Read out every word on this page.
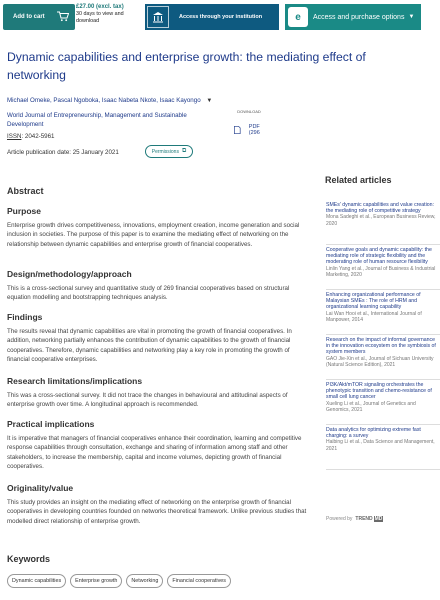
Add to cart
£27.00 (excl. tax)
30 days to view and download
Access through your institution	e	Access and purchase options ▼
Dynamic capabilities and enterprise growth: the mediating effect of networking
Michael Omeke, Pascal Ngoboka, Isaac Nabeta Nkote, Isaac Kayongo ▼
World Journal of Entrepreneurship, Management and Sustainable Development
ISSN: 2042-5961
DOWNLOAD
PDF (296
Article publication date: 25 January 2021	Permissions ⧉
Abstract
Purpose

Enterprise growth drives competitiveness, innovations, employment creation, income generation and social inclusion in societies. The purpose of this paper is to examine the mediating effect of networking on the relationship between dynamic capabilities and enterprise growth of financial cooperatives.

Design/methodology/approach

This is a cross-sectional survey and quantitative study of 269 financial cooperatives based on structural equation modelling and bootstrapping techniques analysis.

Findings

The results reveal that dynamic capabilities are vital in promoting the growth of financial cooperatives. In addition, networking partially enhances the contribution of dynamic capabilities to the growth of financial cooperatives. Therefore, dynamic capabilities and networking play a key role in promoting the growth of financial cooperative enterprises.

Research limitations/implications

This was a cross-sectional survey. It did not trace the changes in behavioural and attitudinal aspects of enterprise growth over time. A longitudinal approach is recommended.

Practical implications

It is imperative that managers of financial cooperatives enhance their coordination, learning and competitive response capabilities through consultation, exchange and sharing of information among staff and other stakeholders, to increase the membership, capital and income volumes, depicting growth of financial cooperatives.

Originality/value

This study provides an insight on the mediating effect of networking on the enterprise growth of financial cooperatives in developing countries founded on networks theoretical framework. Unlike previous studies that modelled direct relationship of enterprise growth.

Keywords
Dynamic capabilities	Enterprise growth	Networking	Financial cooperatives
Related articles
SMEs' dynamic capabilities and value creation: the mediating role of competitive strategy
Mona Sadeghi et al., European Business Review, 2020
Cooperative goals and dynamic capability: the mediating role of strategic flexibility and the moderating role of human resource flexibility
Linlin Yang et al., Journal of Business & Industrial Marketing, 2020
Enhancing organizational performance of Malaysian SMEs : The role of HRM and organizational learning capability
Lai Wan Hooi et al., International Journal of Manpower, 2014
Research on the impact of informal governance in the innovation ecosystem on the symbiosis of system members
GAO Jie-Xin et al., Journal of Sichuan University (Natural Science Edition), 2021
PI3K/Akt/mTOR signaling orchestrates the phenotypic transition and chemo-resistance of small cell lung cancer
Xueling Li et al., Journal of Genetics and Genomics, 2021
Data analytics for optimizing extreme fast charging: a survey
Haibing Li et al., Data Science and Management, 2021
Powered by TREND MD
